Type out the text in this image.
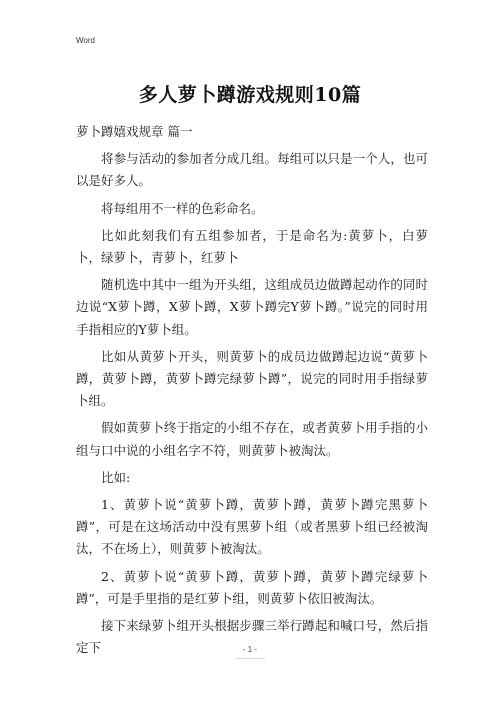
Word
多人萝卜蹲游戏规则10篇

萝卜蹲嬉戏规章 篇一

将参与活动的参加者分成几组。每组可以只是一个人，也可以是好多人。

将每组用不一样的色彩命名。

比如此刻我们有五组参加者，于是命名为:黄萝卜，白萝卜，绿萝卜，青萝卜，红萝卜

随机选中其中一组为开头组，这组成员边做蹲起动作的同时边说“X萝卜蹲，X萝卜蹲，X萝卜蹲完Y萝卜蹲。”说完的同时用手指相应的Y萝卜组。

比如从黄萝卜开头，则黄萝卜的成员边做蹲起边说“黄萝卜蹲，黄萝卜蹲，黄萝卜蹲完绿萝卜蹲”，说完的同时用手指绿萝卜组。

假如黄萝卜终于指定的小组不存在，或者黄萝卜用手指的小组与口中说的小组名字不符，则黄萝卜被淘汰。

比如:

1、黄萝卜说“黄萝卜蹲，黄萝卜蹲，黄萝卜蹲完黑萝卜蹲”，可是在这场活动中没有黑萝卜组（或者黑萝卜组已经被淘汰，不在场上），则黄萝卜被淘汰。

2、黄萝卜说“黄萝卜蹲，黄萝卜蹲，黄萝卜蹲完绿萝卜蹲”，可是手里指的是红萝卜组，则黄萝卜依旧被淘汰。

接下来绿萝卜组开头根据步骤三举行蹲起和喊口号，然后指定下	- 1 -
